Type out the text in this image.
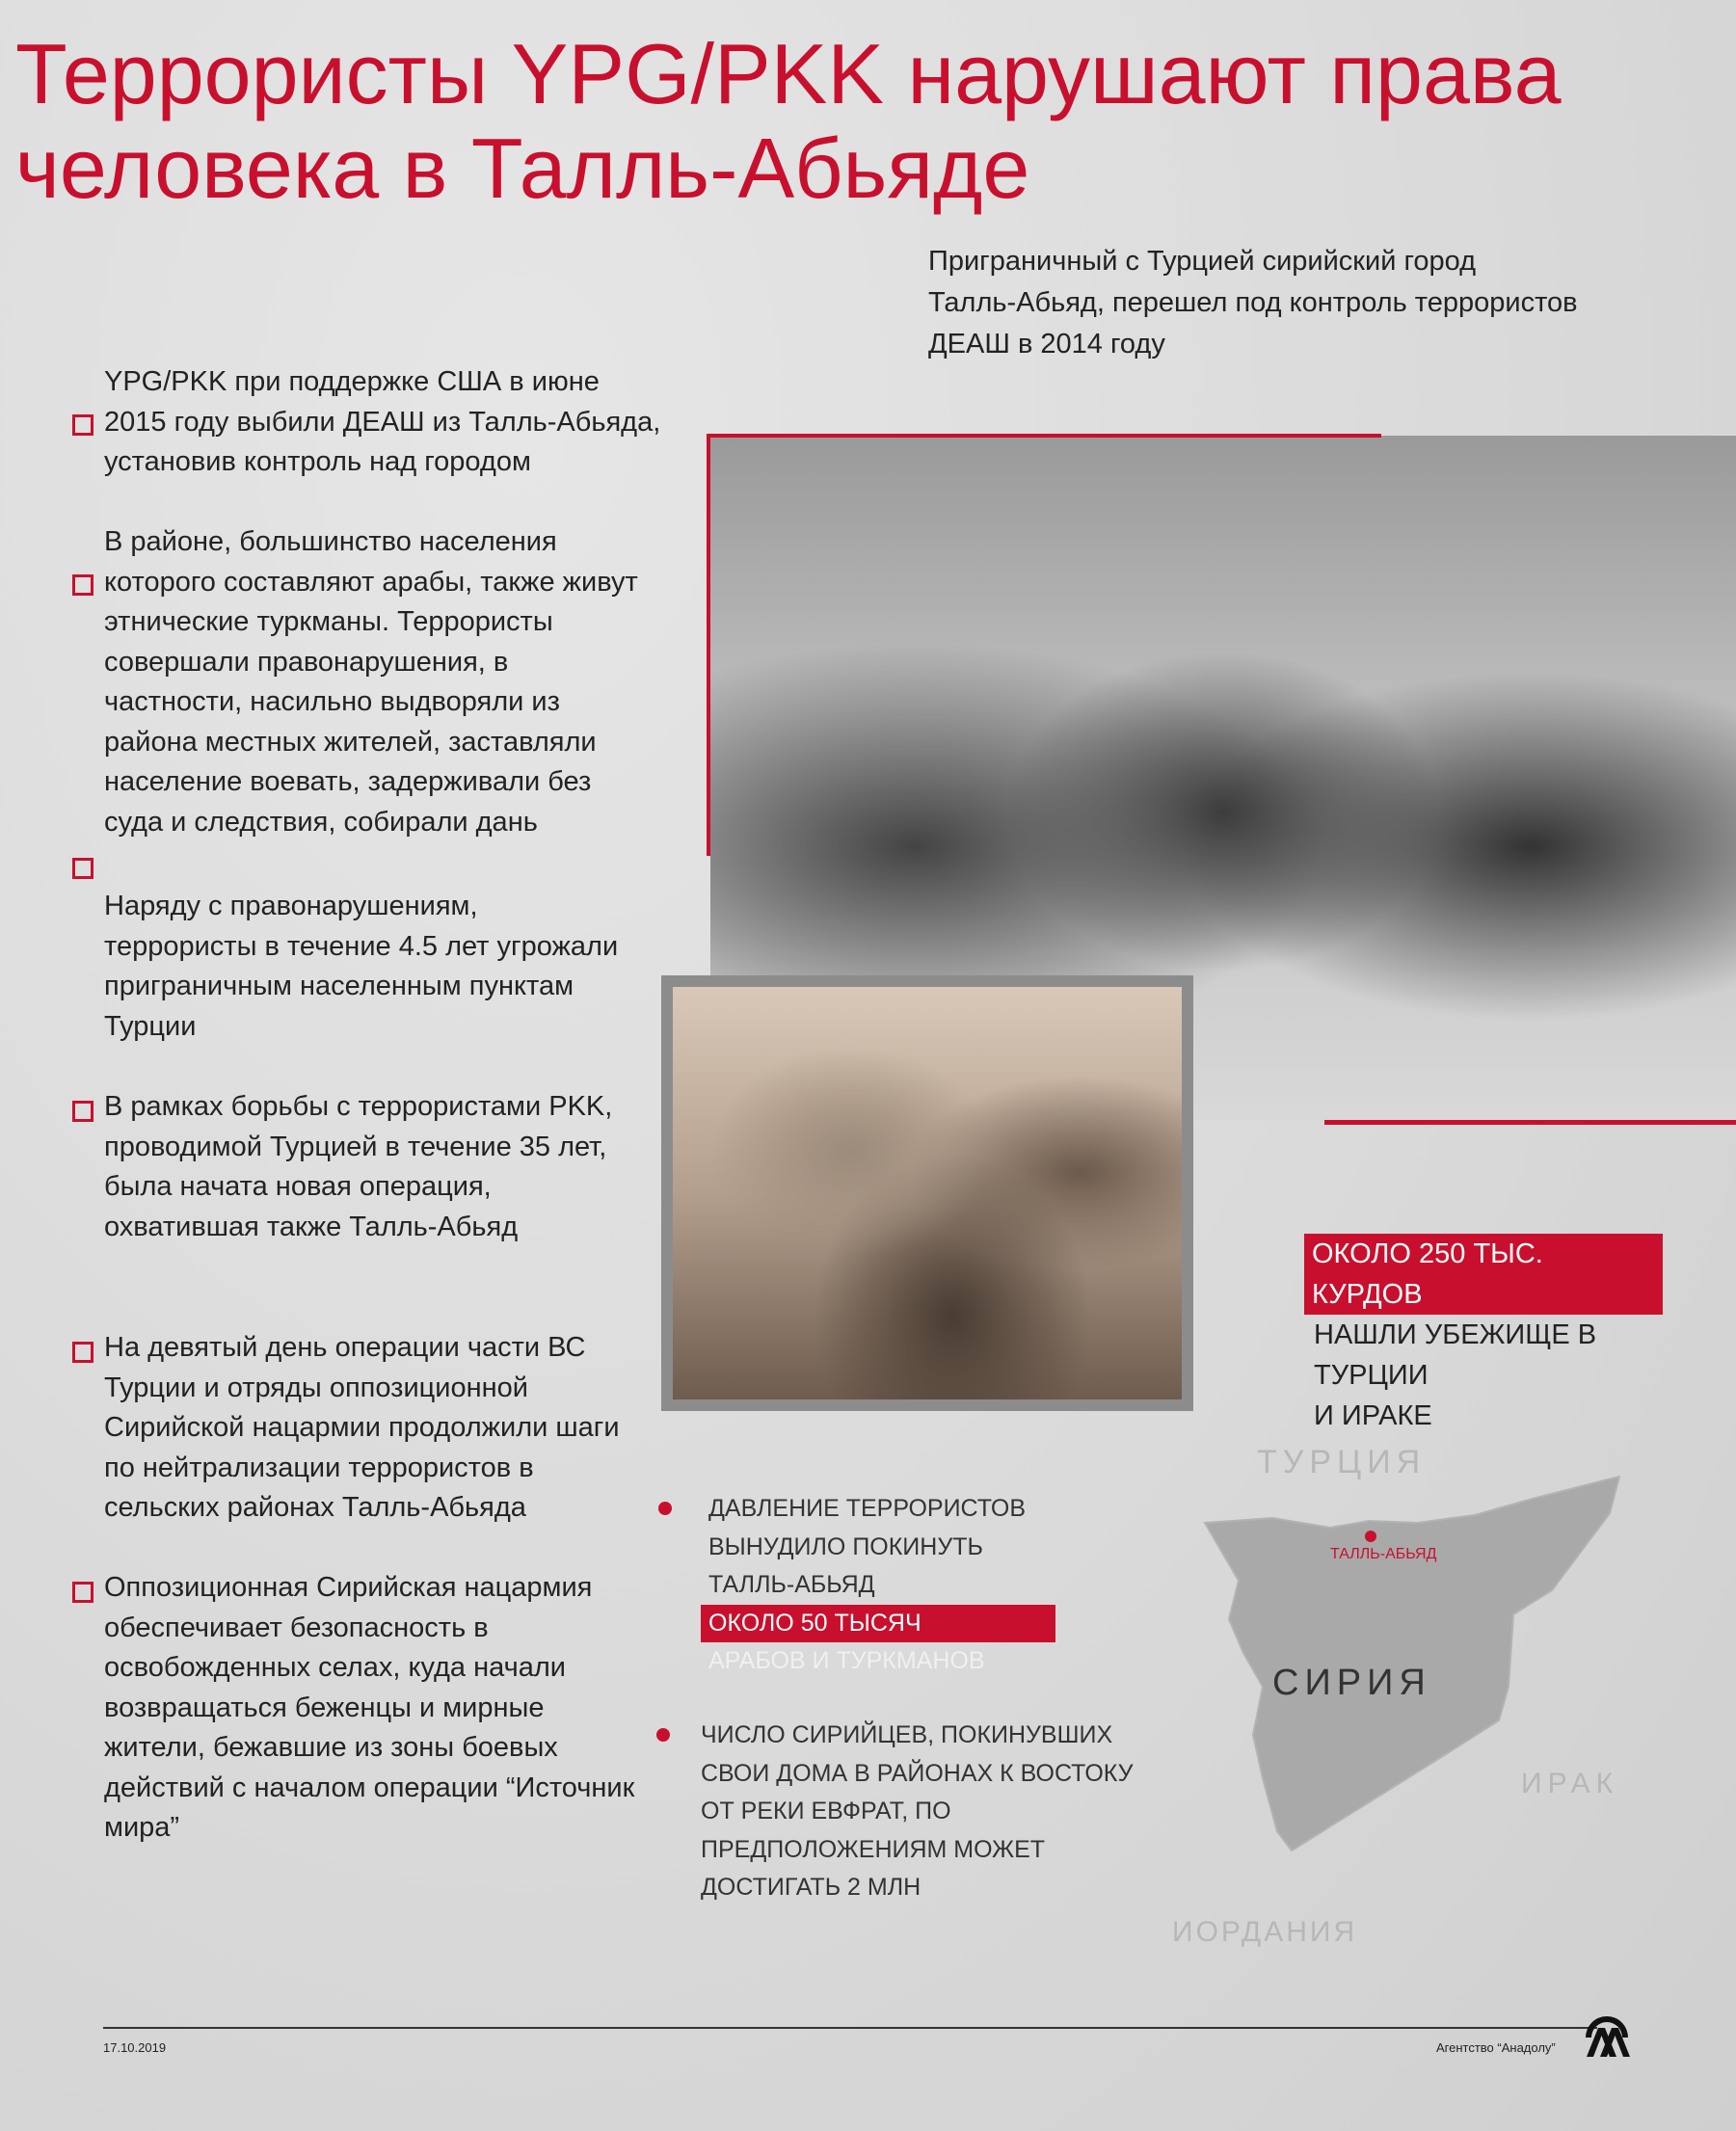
Террористы YPG/PKK нарушают права
человека в Талль-Абьяде
Приграничный с Турцией сирийский город
Талль-Абьяд, перешел под контроль террористов
ДЕАШ в 2014 году
YPG/PKK при поддержке США в июне
2015 году выбили ДЕАШ из Талль-Абьяда,
установив контроль над городом
В районе, большинство населения
которого составляют арабы, также живут
этнические туркманы. Террористы
совершали правонарушения, в
частности, насильно выдворяли из
района местных жителей, заставляли
население воевать, задерживали без
суда и следствия, собирали дань
Наряду с правонарушениям,
террористы в течение 4.5 лет угрожали
приграничным населенным пунктам
Турции
В рамках борьбы с террористами PKK,
проводимой Турцией в течение 35 лет,
была начата новая операция,
охватившая также Талль-Абьяд
На девятый день операции части ВС
Турции и отряды оппозиционной
Сирийской нацармии продолжили шаги
по нейтрализации террористов в
сельских районах Талль-Абьяда
Оппозиционная Сирийская нацармия
обеспечивает безопасность в
освобожденных селах, куда начали
возвращаться беженцы и мирные
жители, бежавшие из зоны боевых
действий с началом операции “Источник
мира”
ОКОЛО 250 ТЫС. КУРДОВ
НАШЛИ УБЕЖИЩЕ В ТУРЦИИ
И ИРАКЕ
ДАВЛЕНИЕ ТЕРРОРИСТОВ
ВЫНУДИЛО ПОКИНУТЬ
ТАЛЛЬ-АБЬЯД
ОКОЛО 50 ТЫСЯЧ
АРАБОВ И ТУРКМАНОВ
ЧИСЛО СИРИЙЦЕВ, ПОКИНУВШИХ
СВОИ ДОМА В РАЙОНАХ К ВОСТОКУ
ОТ РЕКИ ЕВФРАТ, ПО
ПРЕДПОЛОЖЕНИЯМ МОЖЕТ
ДОСТИГАТЬ 2 МЛН
ТУРЦИЯ
СИРИЯ
ИРАК
ИОРДАНИЯ
ТАЛЛЬ-АБЬЯД
17.10.2019	Агентство “Анадолу”
